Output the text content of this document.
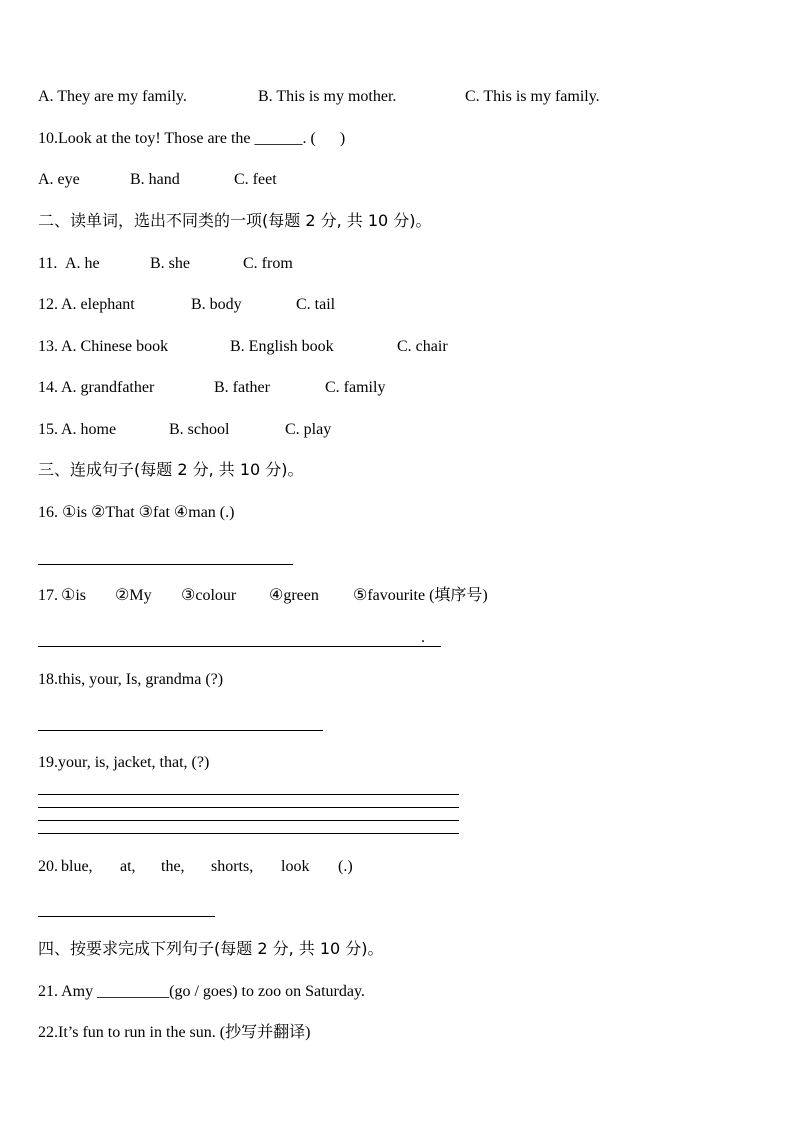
A. They are my family.	B. This is my mother.	C. This is my family.
10.Look at the toy! Those are the ______. (      )
A. eye	B. hand	C. feet
二、读单词，选出不同类的一项(每题 2 分, 共 10 分)。
11. A. he	B. she	C. from
12. A. elephant	B. body	C. tail
13. A. Chinese book	B. English book	C. chair
14. A. grandfather	B. father	C. family
15. A. home	B. school	C. play
三、连成句子(每题 2 分, 共 10 分)。
16. ①is ②That ③fat ④man (.)
17. ①is ②My ③colour ④green ⑤favourite (填序号)
.
18.this, your, Is, grandma (?)
19.your, is, jacket, that, (?)
20. blue, at, the, shorts, look (.)
四、按要求完成下列句子(每题 2 分, 共 10 分)。
21. Amy _________(go / goes) to zoo on Saturday.
22.It’s fun to run in the sun. (抄写并翻译)
